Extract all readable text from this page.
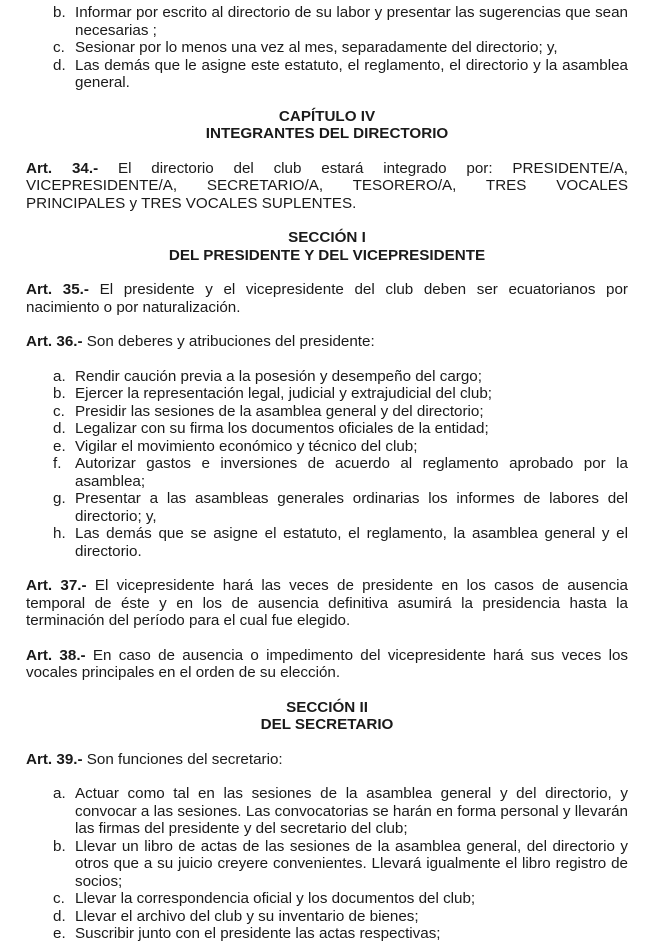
b. Informar por escrito al directorio de su labor y presentar las sugerencias que sean necesarias ;
c. Sesionar por lo menos una vez al mes, separadamente del directorio; y,
d. Las demás que le asigne este estatuto, el reglamento, el directorio y la asamblea general.
CAPÍTULO IV
INTEGRANTES DEL DIRECTORIO

Art. 34.- El directorio del club estará integrado por: PRESIDENTE/A, VICEPRESIDENTE/A, SECRETARIO/A, TESORERO/A, TRES VOCALES PRINCIPALES y TRES VOCALES SUPLENTES.

SECCIÓN I
DEL PRESIDENTE Y DEL VICEPRESIDENTE

Art. 35.- El presidente y el vicepresidente del club deben ser ecuatorianos por nacimiento o por naturalización.

Art. 36.- Son deberes y atribuciones del presidente:

a. Rendir caución previa a la posesión y desempeño del cargo;
b. Ejercer la representación legal, judicial y extrajudicial del club;
c. Presidir las sesiones de la asamblea general y del directorio;
d. Legalizar con su firma los documentos oficiales de la entidad;
e. Vigilar el movimiento económico y técnico del club;
f. Autorizar gastos e inversiones de acuerdo al reglamento aprobado por la asamblea;
g. Presentar a las asambleas generales ordinarias los informes de labores del directorio; y,
h. Las demás que se asigne el estatuto, el reglamento, la asamblea general y el directorio.

Art. 37.- El vicepresidente hará las veces de presidente en los casos de ausencia temporal de éste y en los de ausencia definitiva asumirá la presidencia hasta la terminación del período para el cual fue elegido.

Art. 38.- En caso de ausencia o impedimento del vicepresidente hará sus veces los vocales principales en el orden de su elección.

SECCIÓN II
DEL SECRETARIO

Art. 39.- Son funciones del secretario:

a. Actuar como tal en las sesiones de la asamblea general y del directorio, y convocar a las sesiones. Las convocatorias se harán en forma personal y llevarán las firmas del presidente y del secretario del club;
b. Llevar un libro de actas de las sesiones de la asamblea general, del directorio y otros que a su juicio creyere convenientes. Llevará igualmente el libro registro de socios;
c. Llevar la correspondencia oficial y los documentos del club;
d. Llevar el archivo del club y su inventario de bienes;
e. Suscribir junto con el presidente las actas respectivas;
